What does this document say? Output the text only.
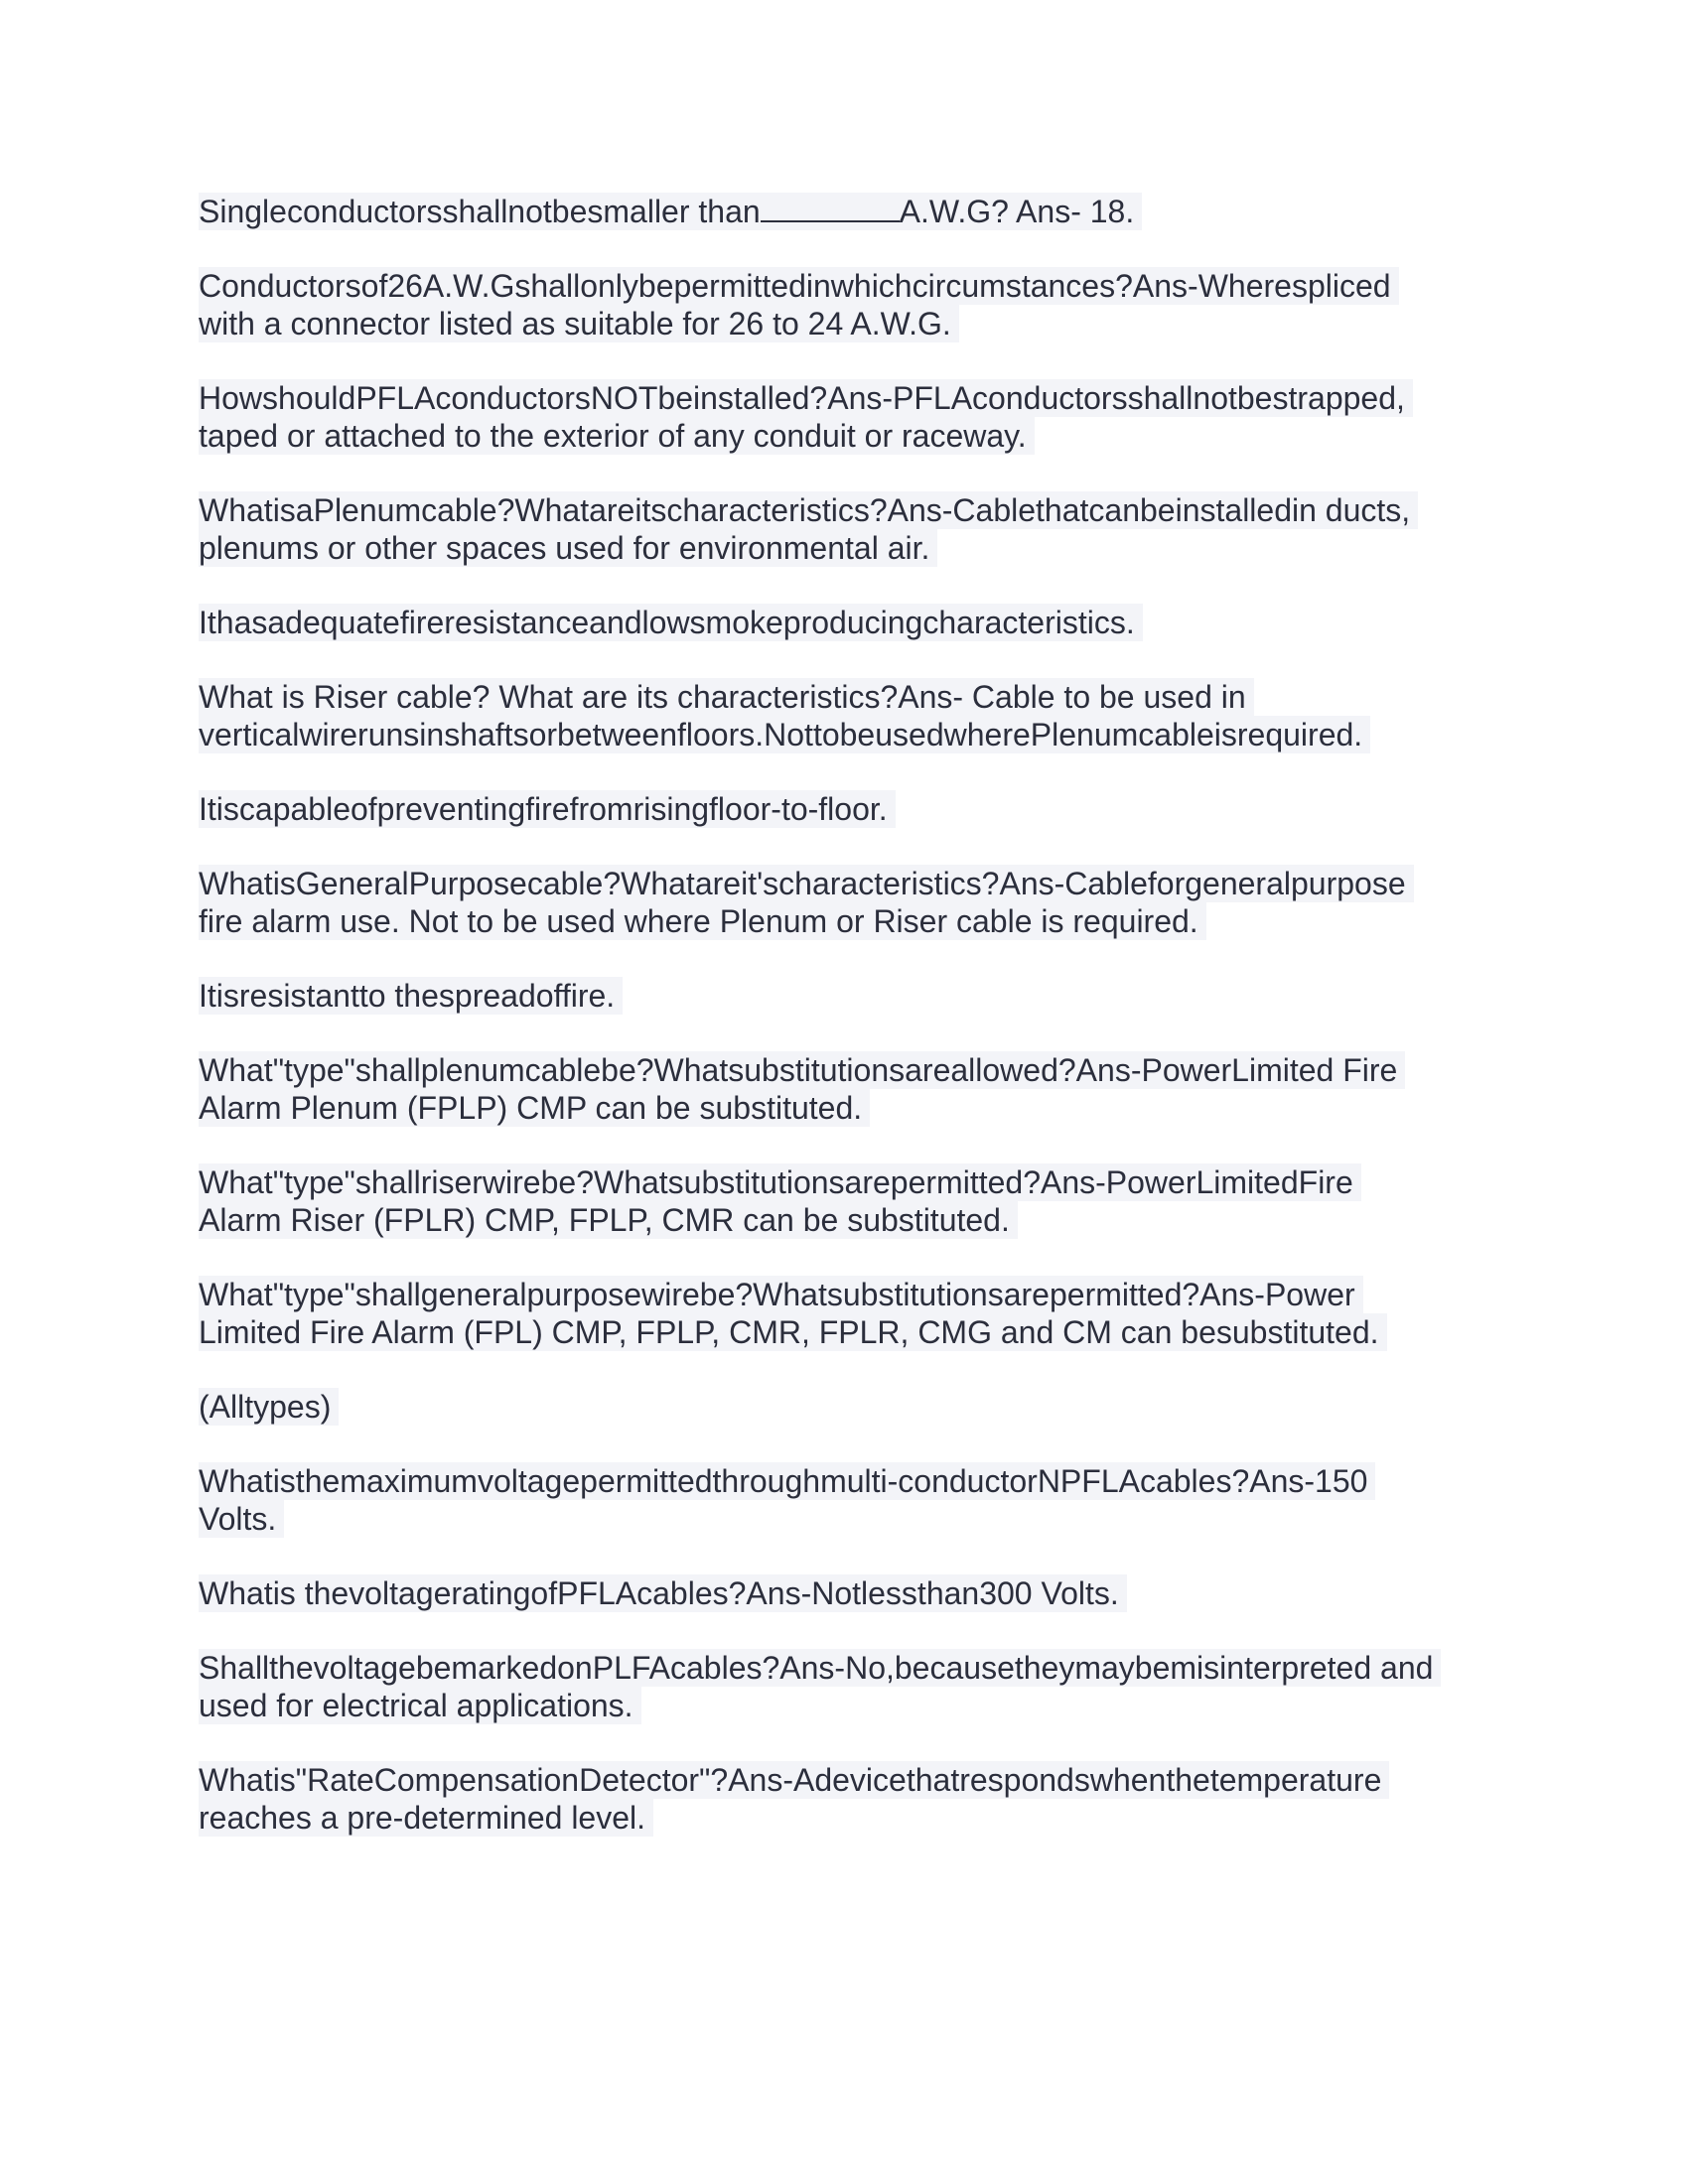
Singleconductorsshallnotbesmaller than	A.W.G? Ans- 18.

Conductorsof26A.W.Gshallonlybepermittedinwhichcircumstances?Ans-Wherespliced
with a connector listed as suitable for 26 to 24 A.W.G.

HowshouldPFLAconductorsNOTbeinstalled?Ans-PFLAconductorsshallnotbestrapped,
taped or attached to the exterior of any conduit or raceway.

WhatisaPlenumcable?Whatareitscharacteristics?Ans-Cablethatcanbeinstalledin ducts,
plenums or other spaces used for environmental air.

Ithasadequatefireresistanceandlowsmokeproducingcharacteristics.

What is Riser cable? What are its characteristics?Ans- Cable to be used in
verticalwirerunsinshaftsorbetweenfloors.NottobeusedwherePlenumcableisrequired.

Itiscapableofpreventingfirefromrisingfloor-to-floor.

WhatisGeneralPurposecable?Whatareit'scharacteristics?Ans-Cableforgeneralpurpose
fire alarm use. Not to be used where Plenum or Riser cable is required.

Itisresistantto thespreadoffire.

What"type"shallplenumcablebe?Whatsubstitutionsareallowed?Ans-PowerLimited Fire
Alarm Plenum (FPLP) CMP can be substituted.

What"type"shallriserwirebe?Whatsubstitutionsarepermitted?Ans-PowerLimitedFire
Alarm Riser (FPLR) CMP, FPLP, CMR can be substituted.

What"type"shallgeneralpurposewirebe?Whatsubstitutionsarepermitted?Ans-Power
Limited Fire Alarm (FPL) CMP, FPLP, CMR, FPLR, CMG and CM can besubstituted.

(Alltypes)

Whatisthemaximumvoltagepermittedthroughmulti-conductorNPFLAcables?Ans-150
Volts.

Whatis thevoltageratingofPFLAcables?Ans-Notlessthan300 Volts.

ShallthevoltagebemarkedonPLFAcables?Ans-No,becausetheymaybemisinterpreted and
used for electrical applications.

Whatis"RateCompensationDetector"?Ans-Adevicethatrespondswhenthetemperature
reaches a pre-determined level.
